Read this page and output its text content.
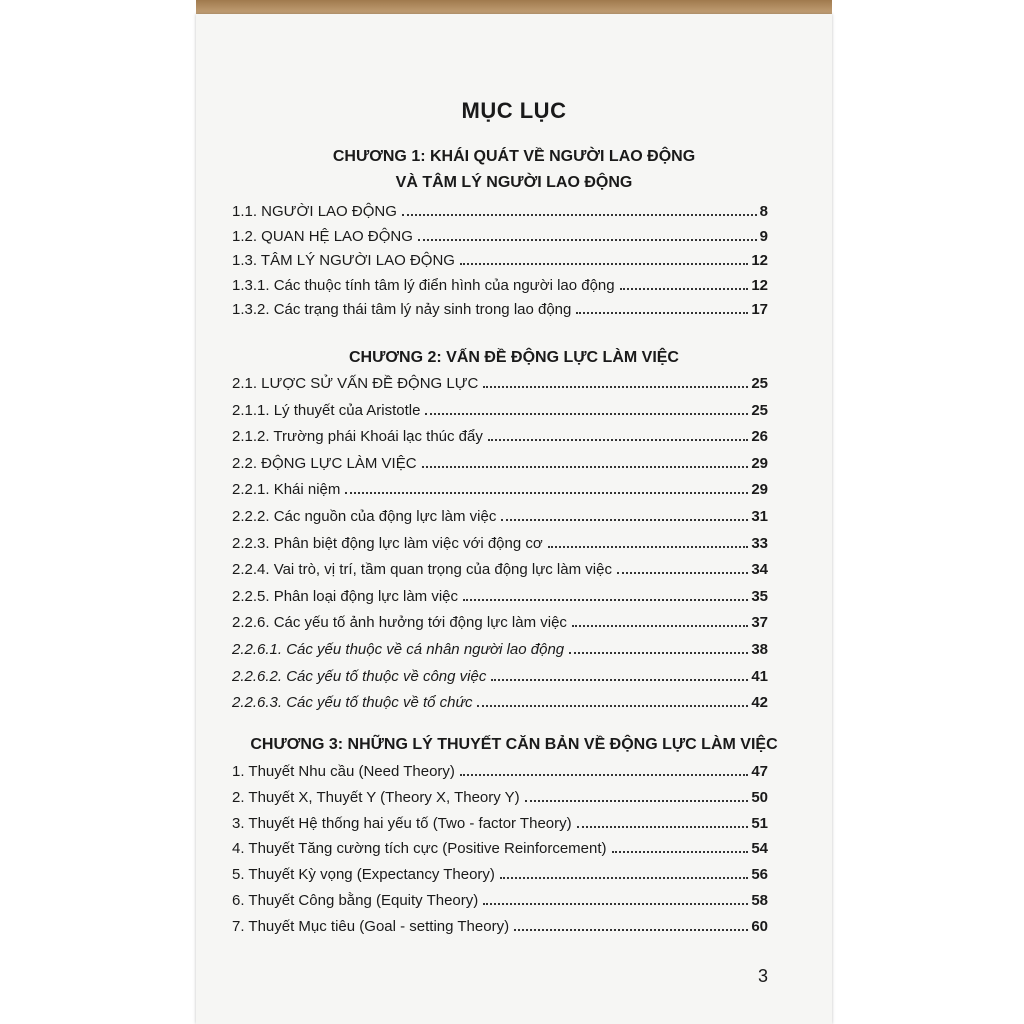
MỤC LỤC
CHƯƠNG 1: KHÁI QUÁT VỀ NGƯỜI LAO ĐỘNG
VÀ TÂM LÝ NGƯỜI LAO ĐỘNG
1.1. NGƯỜI LAO ĐỘNG	8
1.2. QUAN HỆ LAO ĐỘNG	9
1.3. TÂM LÝ NGƯỜI LAO ĐỘNG	12
1.3.1. Các thuộc tính tâm lý điển hình của người lao động	12
1.3.2. Các trạng thái tâm lý nảy sinh trong lao động	17
CHƯƠNG 2: VẤN ĐỀ ĐỘNG LỰC LÀM VIỆC
2.1. LƯỢC SỬ VẤN ĐỀ ĐỘNG LỰC	25
2.1.1. Lý thuyết của Aristotle	25
2.1.2. Trường phái Khoái lạc thúc đẩy	26
2.2. ĐỘNG LỰC LÀM VIỆC	29
2.2.1. Khái niệm	29
2.2.2. Các nguồn của động lực làm việc	31
2.2.3. Phân biệt động lực làm việc với động cơ	33
2.2.4. Vai trò, vị trí, tầm quan trọng của động lực làm việc	34
2.2.5. Phân loại động lực làm việc	35
2.2.6. Các yếu tố ảnh hưởng tới động lực làm việc	37
2.2.6.1. Các yếu thuộc về cá nhân người lao động	38
2.2.6.2. Các yếu tố thuộc về công việc	41
2.2.6.3. Các yếu tố thuộc về tổ chức	42
CHƯƠNG 3: NHỮNG LÝ THUYẾT CĂN BẢN VỀ ĐỘNG LỰC LÀM VIỆC
1. Thuyết Nhu cầu (Need Theory)	47
2. Thuyết X, Thuyết Y (Theory X, Theory Y)	50
3. Thuyết Hệ thống hai yếu tố (Two - factor Theory)	51
4. Thuyết Tăng cường tích cực (Positive Reinforcement)	54
5. Thuyết Kỳ vọng (Expectancy Theory)	56
6. Thuyết Công bằng (Equity Theory)	58
7. Thuyết Mục tiêu (Goal - setting Theory)	60
3
